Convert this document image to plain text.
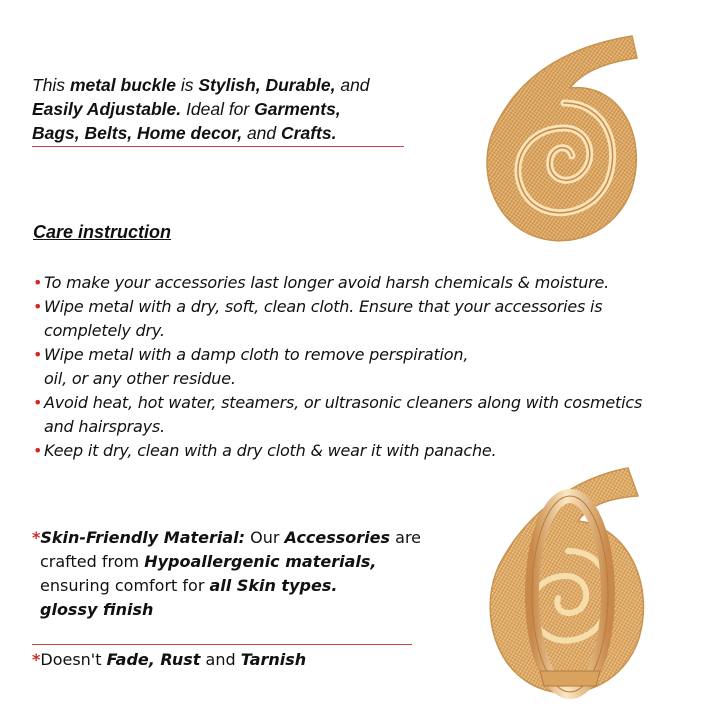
This metal buckle is Stylish, Durable, and
Easily Adjustable. Ideal for Garments,
Bags, Belts, Home decor, and Crafts.
Care instruction
• To make your accessories last longer avoid harsh chemicals & moisture.
• Wipe metal with a dry, soft, clean cloth. Ensure that your accessories is
completely dry.
• Wipe metal with a damp cloth to remove perspiration,
oil, or any other residue.
• Avoid heat, hot water, steamers, or ultrasonic cleaners along with cosmetics
and hairsprays.
• Keep it dry, clean with a dry cloth & wear it with panache.
*Skin-Friendly Material: Our Accessories are
crafted from Hypoallergenic materials,
ensuring comfort for all Skin types.
glossy finish
*Doesn't Fade, Rust and Tarnish
